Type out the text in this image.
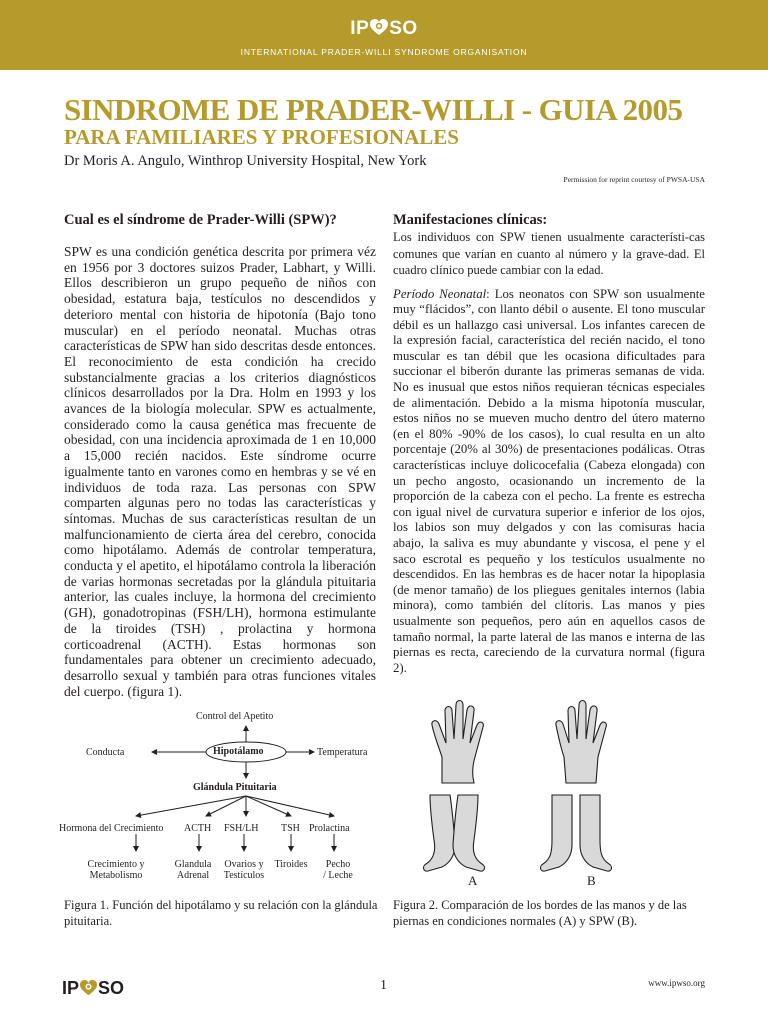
IP SO
INTERNATIONAL PRADER-WILLI SYNDROME ORGANISATION
SINDROME DE PRADER-WILLI - GUIA 2005
PARA FAMILIARES Y PROFESIONALES
Dr Moris A. Angulo, Winthrop University Hospital, New York
Permission for reprint courtesy of PWSA-USA

Cual es el síndrome de Prader-Willi (SPW)?

SPW es una condición genética descrita por primera véz en 1956 por 3 doctores suizos Prader, Labhart, y Willi. Ellos describieron un grupo pequeño de niños con obesidad, estatura baja, testículos no descendidos y deterioro mental con historia de hipotonía (Bajo tono muscular) en el período neonatal. Muchas otras características de SPW han sido descritas desde entonces. El reconocimiento de esta condición ha crecido substancialmente gracias a los criterios diagnósticos clínicos desarrollados por la Dra. Holm en 1993 y los avances de la biología molecular. SPW es actualmente, considerado como la causa genética mas frecuente de obesidad, con una incidencia aproximada de 1 en 10,000 a 15,000 recién nacidos. Este síndrome ocurre igualmente tanto en varones como en hembras y se vé en individuos de toda raza. Las personas con SPW comparten algunas pero no todas las características y síntomas. Muchas de sus características resultan de un malfuncionamiento de cierta área del cerebro, conocida como hipotálamo. Además de controlar temperatura, conducta y el apetito, el hipotálamo controla la liberación de varias hormonas secretadas por la glándula pituitaria anterior, las cuales incluye, la hormona del crecimiento (GH), gonadotropinas (FSH/LH), hormona estimulante de la tiroides (TSH) , prolactina y hormona corticoadrenal (ACTH). Estas hormonas son fundamentales para obtener un crecimiento adecuado, desarrollo sexual y también para otras funciones vitales del cuerpo. (figura 1).

Manifestaciones clínicas:

Los individuos con SPW tienen usualmente característi-cas comunes que varían en cuanto al número y la grave-dad. El cuadro clínico puede cambiar con la edad.

Período Neonatal: Los neonatos con SPW son usualmente muy “flácidos”, con llanto débil o ausente. El tono muscular débil es un hallazgo casi universal. Los infantes carecen de la expresión facial, característica del recién nacido, el tono muscular es tan débil que les ocasiona dificultades para succionar el biberón durante las primeras semanas de vida. No es inusual que estos niños requieran técnicas especiales de alimentación. Debido a la misma hipotonía muscular, estos niños no se mueven mucho dentro del útero materno (en el 80% -90% de los casos), lo cual resulta en un alto porcentaje (20% al 30%) de presentaciones podálicas. Otras características incluye dolicocefalia (Cabeza elongada) con un pecho angosto, ocasionando un incremento de la proporción de la cabeza con el pecho. La frente es estrecha con igual nivel de curvatura superior e inferior de los ojos, los labios son muy delgados y con las comisuras hacia abajo, la saliva es muy abundante y viscosa, el pene y el saco escrotal es pequeño y los testículos usualmente no descendidos. En las hembras es de hacer notar la hipoplasia (de menor tamaño) de los pliegues genitales internos (labia minora), como también del clítoris. Las manos y pies usualmente son pequeños, pero aún en aquellos casos de tamaño normal, la parte lateral de las manos e interna de las piernas es recta, careciendo de la curvatura normal (figura 2).

Control del Apetito
Conducta	Hipotálamo	Temperatura
Glándula Pituitaria
Hormona del Crecimiento ACTH FSH/LH TSH Prolactina
Crecimiento y
Metabolismo
Glandula
Adrenal
Ovarios y
Testículos
Tiroides	Pecho
/ Leche
Figura 1. Función del hipotálamo y su relación con la glándula pituitaria.
A	B
Figura 2. Comparación de los bordes de las manos y de las piernas en condiciones normales (A) y SPW (B).
IP SO	1	www.ipwso.org
